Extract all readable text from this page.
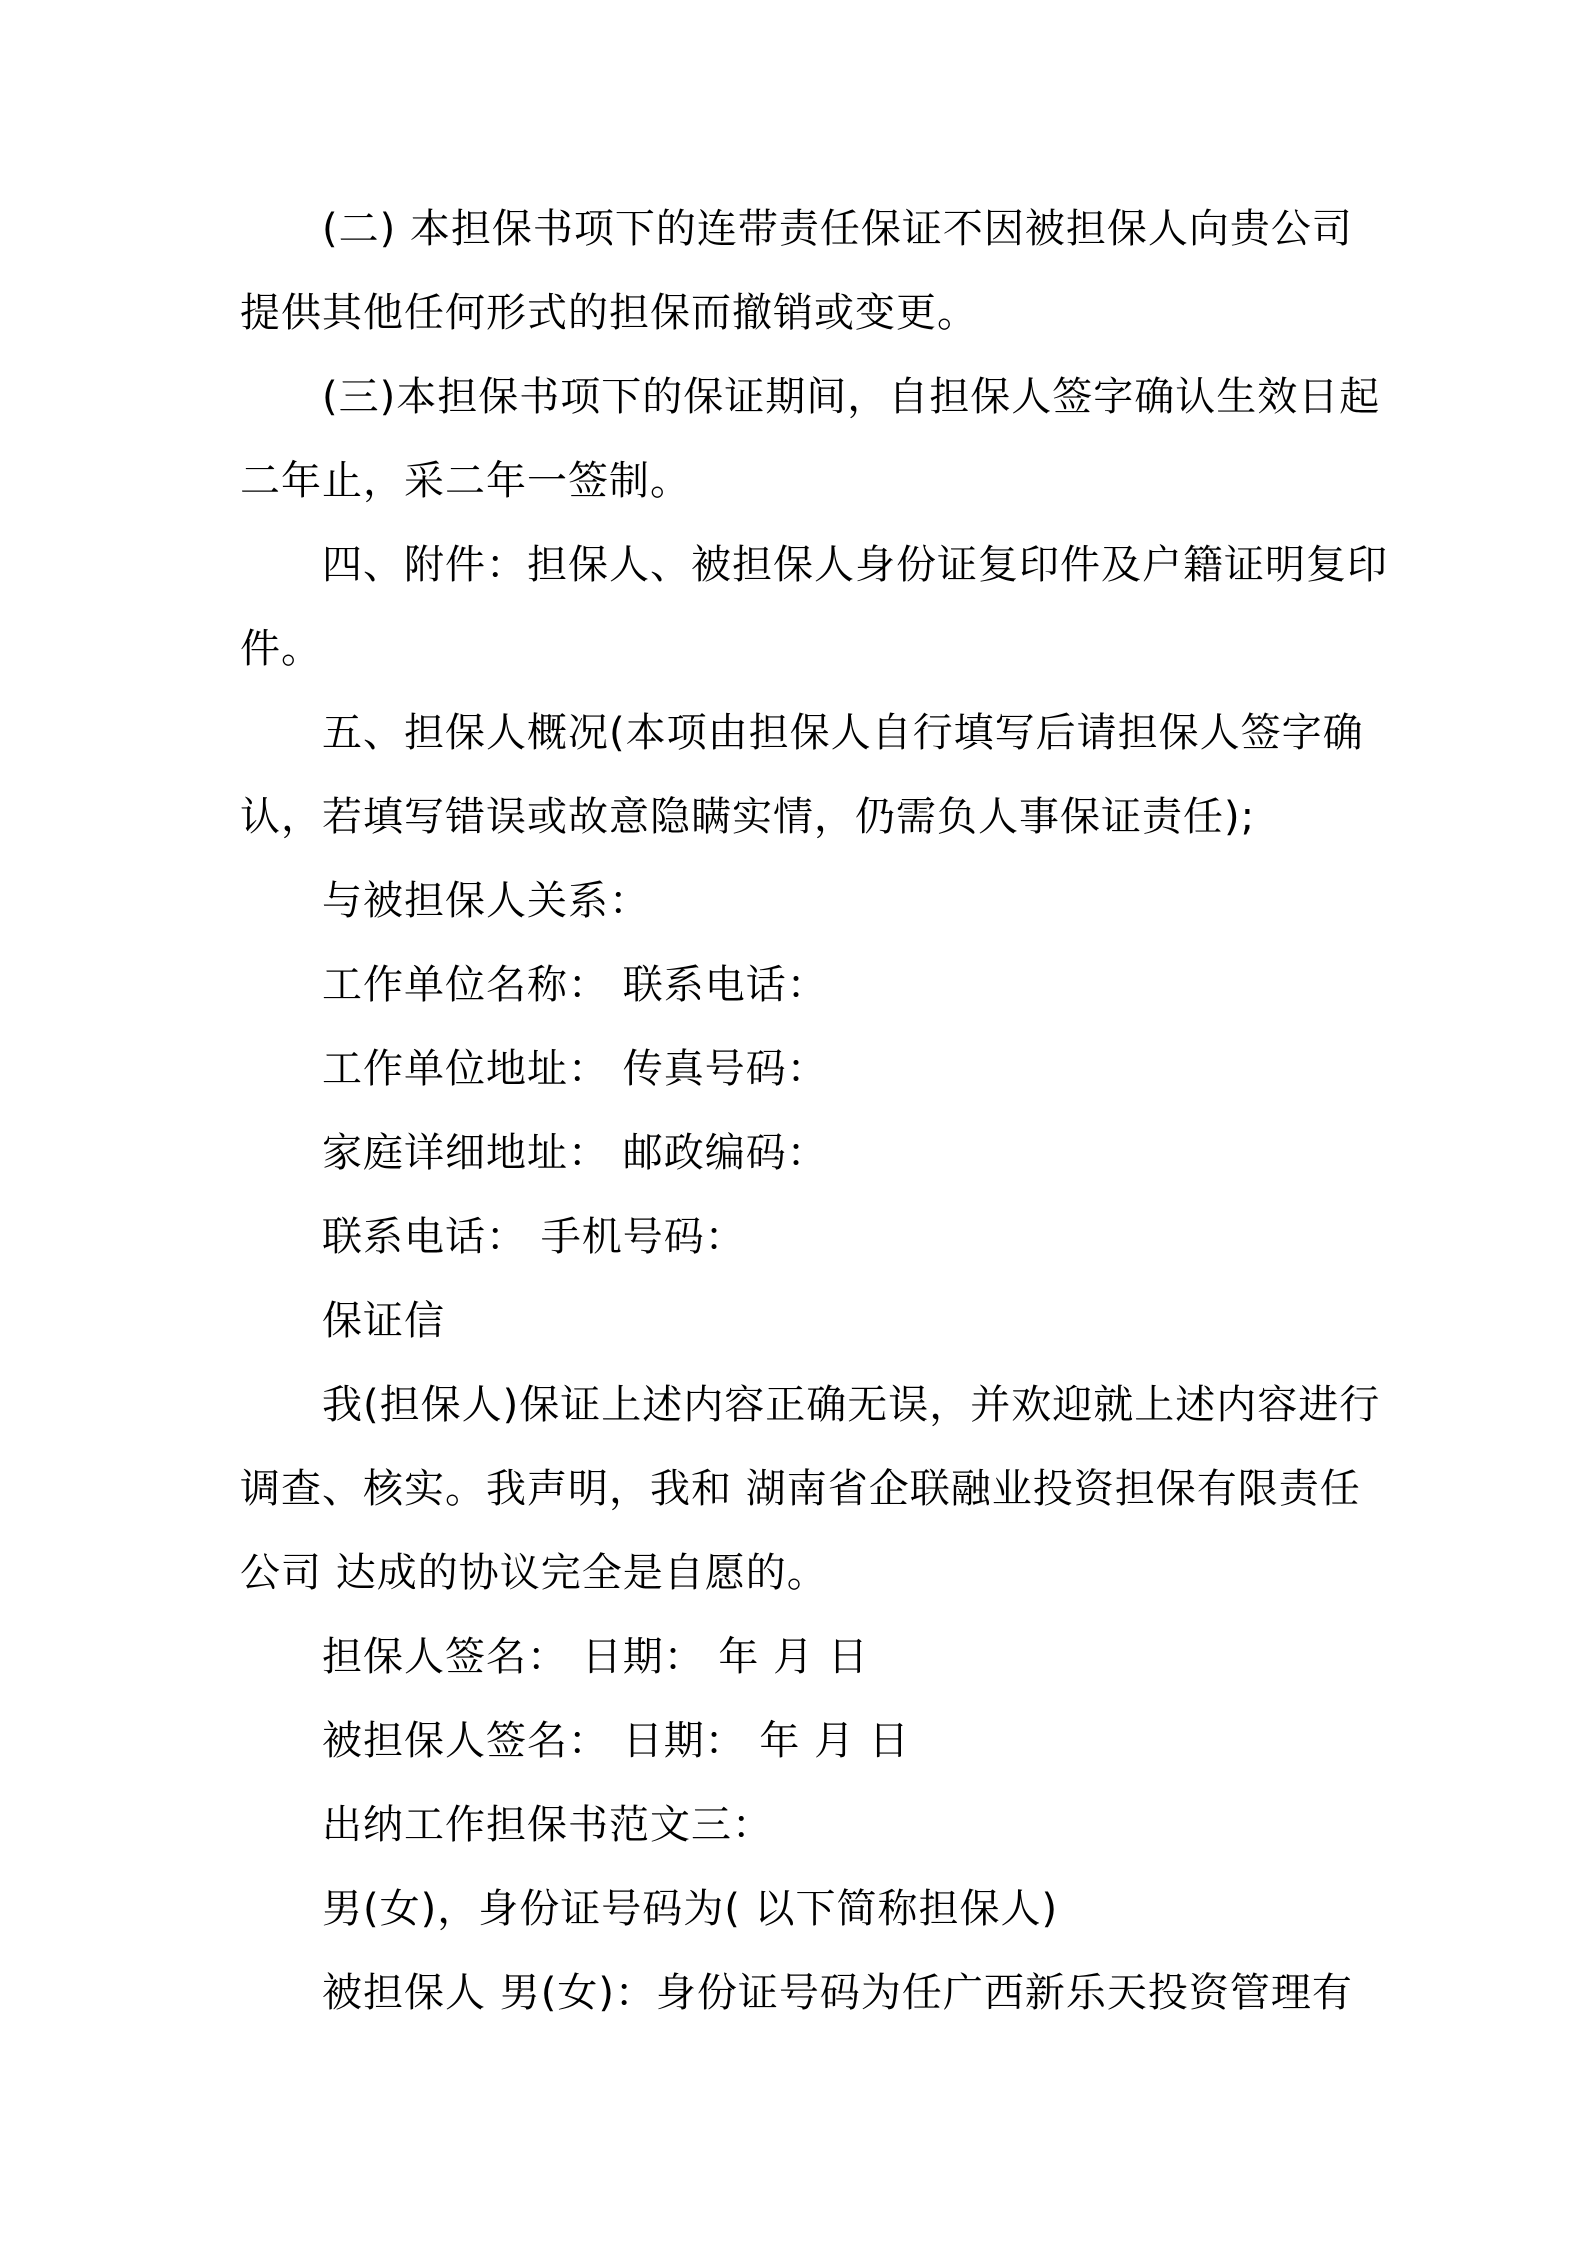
(二) 本担保书项下的连带责任保证不因被担保人向贵公司
提供其他任何形式的担保而撤销或变更。
(三)本担保书项下的保证期间，自担保人签字确认生效日起
二年止，采二年一签制。
四、附件：担保人、被担保人身份证复印件及户籍证明复印
件。
五、担保人概况(本项由担保人自行填写后请担保人签字确
认，若填写错误或故意隐瞒实情，仍需负人事保证责任);
与被担保人关系：
工作单位名称： 联系电话：
工作单位地址： 传真号码：
家庭详细地址： 邮政编码：
联系电话： 手机号码：
保证信
我(担保人)保证上述内容正确无误，并欢迎就上述内容进行
调查、核实。我声明，我和 湖南省企联融业投资担保有限责任
公司 达成的协议完全是自愿的。
担保人签名： 日期： 年 月 日
被担保人签名： 日期： 年 月 日
出纳工作担保书范文三：
男(女)，身份证号码为( 以下简称担保人)
被担保人 男(女)：身份证号码为任广西新乐天投资管理有
